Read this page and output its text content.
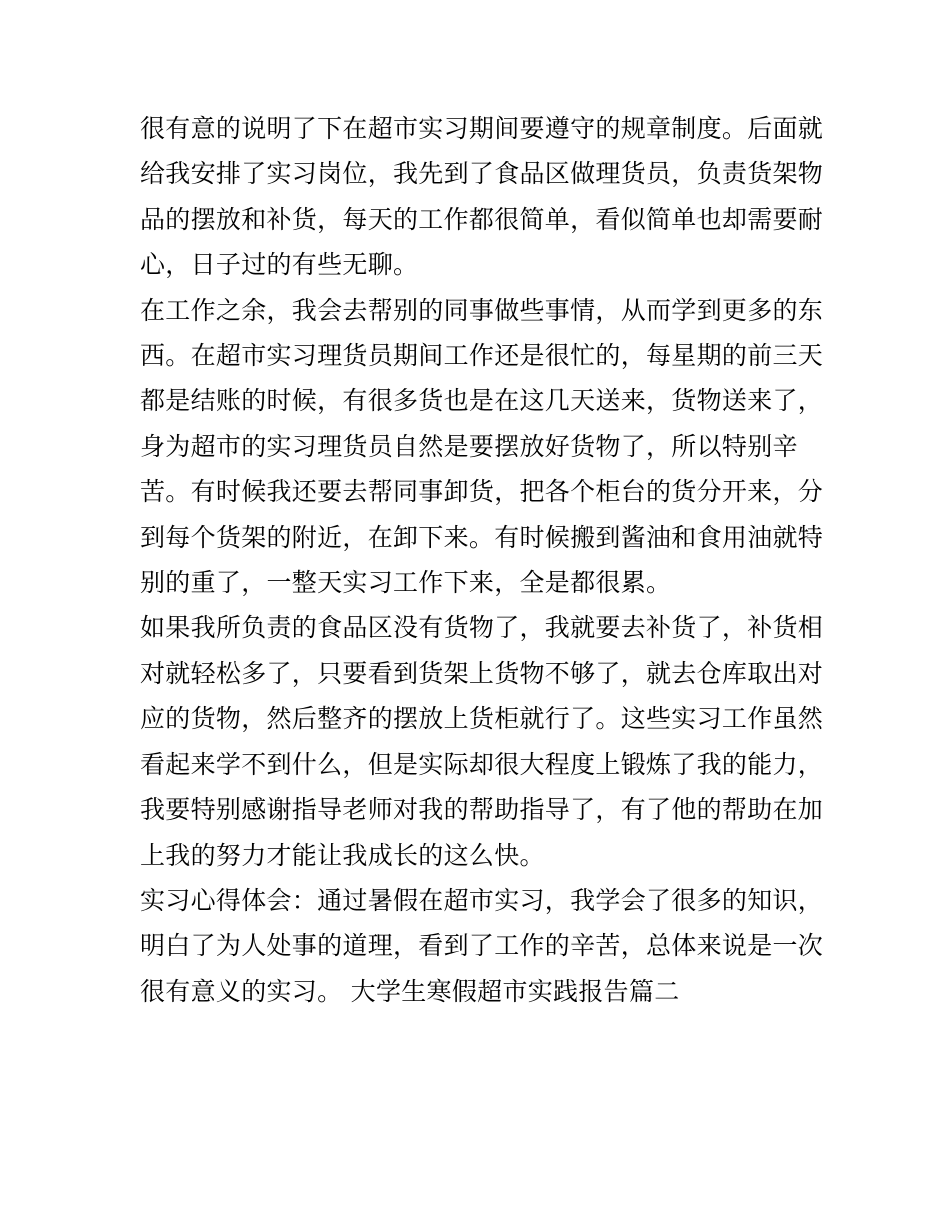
很有意的说明了下在超市实习期间要遵守的规章制度。后面就
给我安排了实习岗位，我先到了食品区做理货员，负责货架物
品的摆放和补货，每天的工作都很简单，看似简单也却需要耐
心，日子过的有些无聊。
在工作之余，我会去帮别的同事做些事情，从而学到更多的东
西。在超市实习理货员期间工作还是很忙的，每星期的前三天
都是结账的时候，有很多货也是在这几天送来，货物送来了，
身为超市的实习理货员自然是要摆放好货物了，所以特别辛
苦。有时候我还要去帮同事卸货，把各个柜台的货分开来，分
到每个货架的附近，在卸下来。有时候搬到酱油和食用油就特
别的重了，一整天实习工作下来，全是都很累。
如果我所负责的食品区没有货物了，我就要去补货了，补货相
对就轻松多了，只要看到货架上货物不够了，就去仓库取出对
应的货物，然后整齐的摆放上货柜就行了。这些实习工作虽然
看起来学不到什么，但是实际却很大程度上锻炼了我的能力，
我要特别感谢指导老师对我的帮助指导了，有了他的帮助在加
上我的努力才能让我成长的这么快。
实习心得体会：通过暑假在超市实习，我学会了很多的知识，
明白了为人处事的道理，看到了工作的辛苦，总体来说是一次
很有意义的实习。 大学生寒假超市实践报告篇二
